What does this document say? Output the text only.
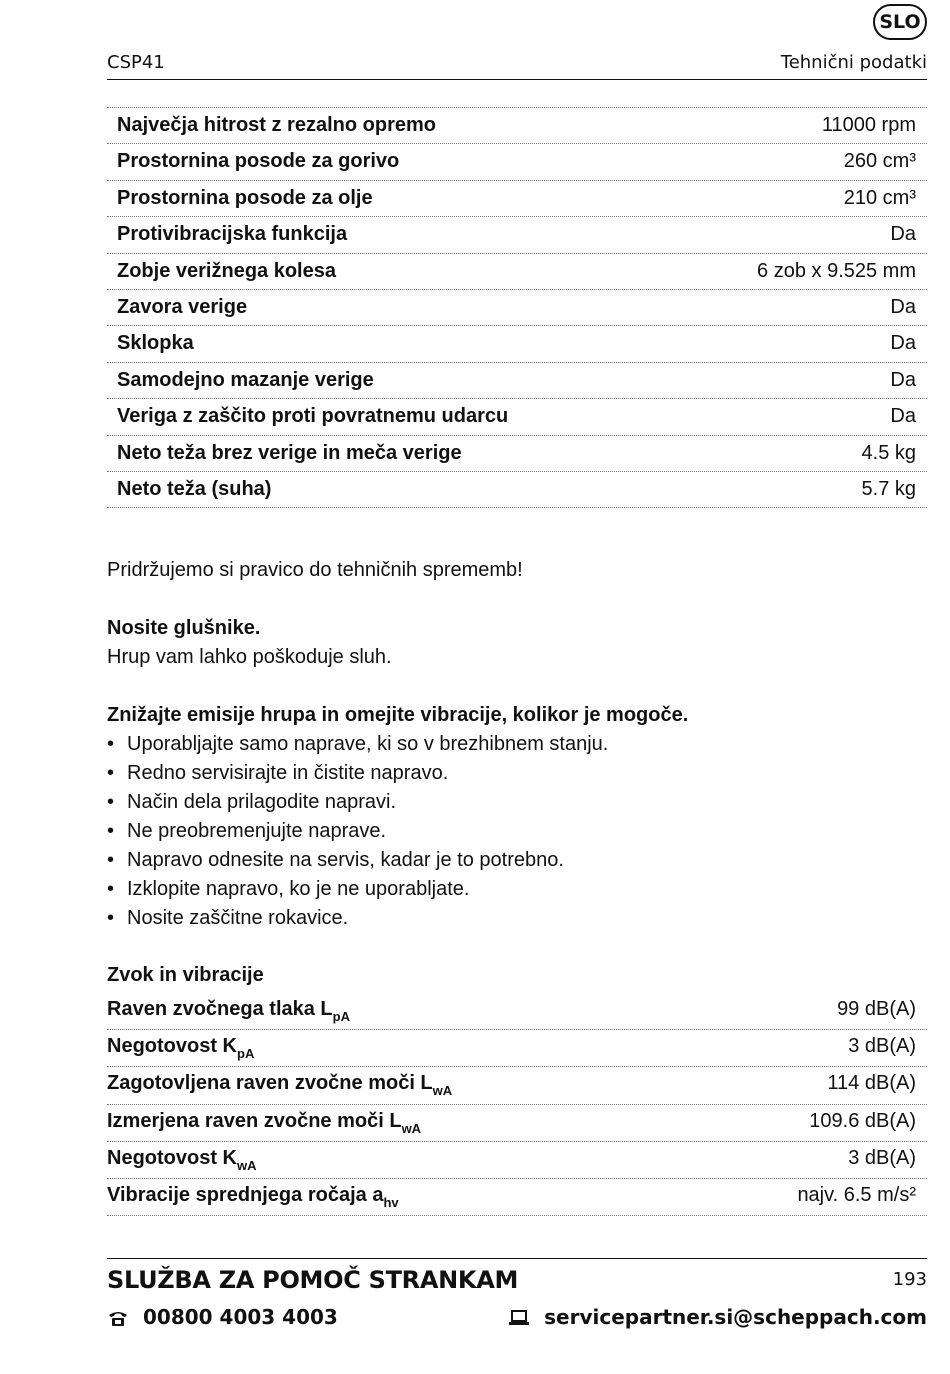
SLO
CSP41	Tehnični podatki
Največja hitrost z rezalno opremo	11000 rpm
Prostornina posode za gorivo	260 cm³
Prostornina posode za olje	210 cm³
Protivibracijska funkcija	Da
Zobje verižnega kolesa	6 zob x 9.525 mm
Zavora verige	Da
Sklopka	Da
Samodejno mazanje verige	Da
Veriga z zaščito proti povratnemu udarcu	Da
Neto teža brez verige in meča verige	4.5 kg
Neto teža (suha)	5.7 kg
Pridržujemo si pravico do tehničnih sprememb!
Nosite glušnike.
Hrup vam lahko poškoduje sluh.
Znižajte emisije hrupa in omejite vibracije, kolikor je mogoče.
• Uporabljajte samo naprave, ki so v brezhibnem stanju.
• Redno servisirajte in čistite napravo.
• Način dela prilagodite napravi.
• Ne preobremenjujte naprave.
• Napravo odnesite na servis, kadar je to potrebno.
• Izklopite napravo, ko je ne uporabljate.
• Nosite zaščitne rokavice.
Zvok in vibracije
Raven zvočnega tlaka $L_{pA}$	99 dB(A)
Negotovost $K_{pA}$	3 dB(A)
Zagotovljena raven zvočne moči $L_{wA}$	114 dB(A)
Izmerjena raven zvočne moči $L_{wA}$	109.6 dB(A)
Negotovost $K_{wA}$	3 dB(A)
Vibracije sprednjega ročaja $a_{hv}$	najv. 6.5 m/s²
SLUŽBA ZA POMOČ STRANKAM	193
00800 4003 4003	servicepartner.si@scheppach.com
